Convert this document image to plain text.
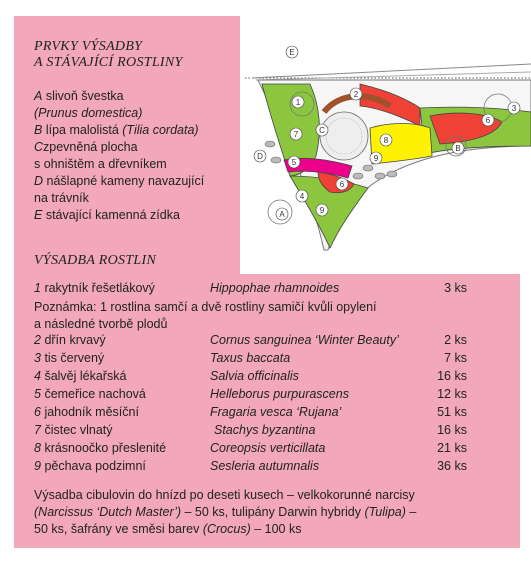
PRVKY VÝSADBY
A STÁVAJÍCÍ ROSTLINY
A slivoň švestka
(Prunus domestica)
B lípa malolistá (Tilia cordata)
Czpevněná plocha
s ohništěm a dřevníkem
D nášlapné kameny navazující
na trávník
E stávající kamenná zídka
VÝSADBA ROSTLIN
1 rakytník řešetlákový	Hippophae rhamnoides	3 ks
Poznámka: 1 rostlina samčí a dvě rostliny samičí kvůli opylení
a následné tvorbě plodů
2 dřín krvavý	Cornus sanguinea ‘Winter Beauty’	2 ks
3 tis červený	Taxus baccata	7 ks
4 šalvěj lékařská	Salvia officinalis	16 ks
5 čemeřice nachová	Helleborus purpurascens	12 ks
6 jahodník měsíční	Fragaria vesca ‘Rujana’	51 ks
7 čistec vlnatý	Stachys byzantina	16 ks
8 krásnoočko přeslenité	Coreopsis verticillata	21 ks
9 pěchava podzimní	Sesleria autumnalis	36 ks
Výsadba cibulovin do hnízd po deseti kusech – velkokorunné narcisy
(Narcissus ‘Dutch Master’) – 50 ks, tulipány Darwin hybridy (Tulipa) –
50 ks, šafrány ve směsi barev (Crocus) – 100 ks
E
1
2
3
4
6
6
7
8
9
9
5
C
D
B
A
